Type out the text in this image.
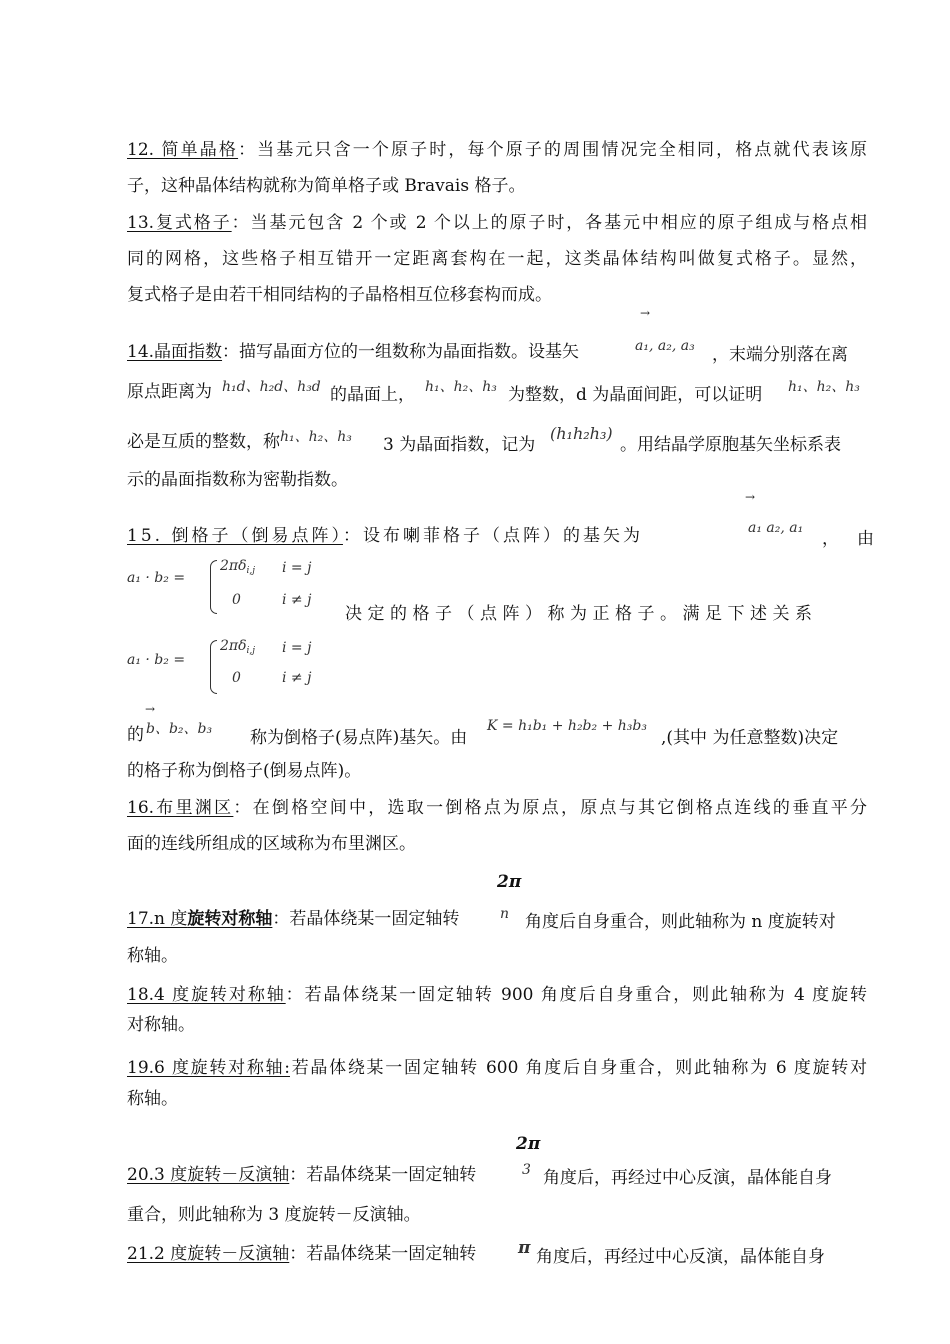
12. 简单晶格：当基元只含一个原子时，每个原子的周围情况完全相同，格点就代表该原
子，这种晶体结构就称为简单格子或 Bravais 格子。
13.复式格子：当基元包含 2 个或 2 个以上的原子时，各基元中相应的原子组成与格点相
同的网格，这些格子相互错开一定距离套构在一起，这类晶体结构叫做复式格子。显然，
复式格子是由若干相同结构的子晶格相互位移套构而成。
→
14.晶面指数：描写晶面方位的一组数称为晶面指数。设基矢	a₁, a₂, a₃ ，末端分别落在离
原点距离为 h₁d、h₂d、h₃d 的晶面上， h₁、h₂、h₃ 为整数，d 为晶面间距，可以证明 h₁、h₂、h₃
必是互质的整数，称 h₁、h₂、h₃ 3 为晶面指数，记为
(h₁h₂h₃)
。用结晶学原胞基矢坐标系表
示的晶面指数称为密勒指数。
→
15. 倒格子（倒易点阵）：设布喇菲格子（点阵）的基矢为	a₁ a₂, a₁
，由
a₁ · b₂ =
$2\pi\delta_{i,j}$ i = j
0	i ≠ j
决定的格子（点阵）称为正格子。满足下述关系
a₁ · b₂ =
$2\pi\delta_{i,j}$ i = j
0	i ≠ j
→
的 b、b₂、b₃ 称为倒格子(易点阵)基矢。由
K = h₁b₁ + h₂b₂ + h₃b₃
,(其中 为任意整数)决定
的格子称为倒格子(倒易点阵)。
16.布里渊区：在倒格空间中，选取一倒格点为原点，原点与其它倒格点连线的垂直平分
面的连线所组成的区域称为布里渊区。
2π
17.n 度旋转对称轴：若晶体绕某一固定轴转	n 角度后自身重合，则此轴称为 n 度旋转对
称轴。
18.4 度旋转对称轴：若晶体绕某一固定轴转 900 角度后自身重合，则此轴称为 4 度旋转
对称轴。
19.6 度旋转对称轴:若晶体绕某一固定轴转 600 角度后自身重合，则此轴称为 6 度旋转对
称轴。
2π
20.3 度旋转－反演轴：若晶体绕某一固定轴转	3 角度后，再经过中心反演，晶体能自身
重合，则此轴称为 3 度旋转－反演轴。
21.2 度旋转－反演轴：若晶体绕某一固定轴转	π 角度后，再经过中心反演，晶体能自身
